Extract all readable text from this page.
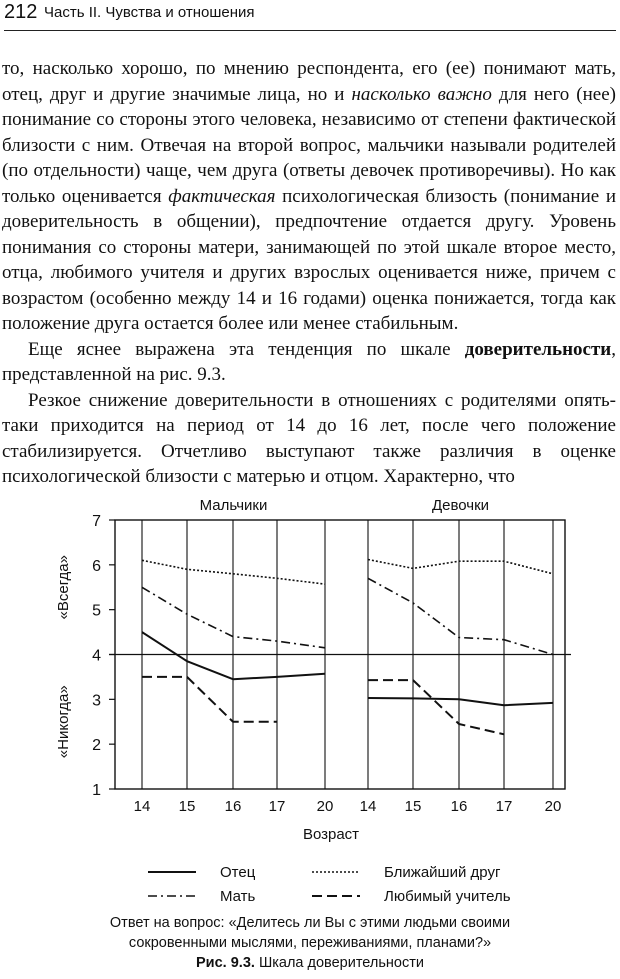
212 Часть II. Чувства и отношения

то, насколько хорошо, по мнению респондента, его (ее) понимают мать, отец, друг и другие значимые лица, но и насколько важно для него (нее) понимание со стороны этого человека, независимо от степени фактической близости с ним. Отвечая на второй вопрос, мальчики называли родителей (по отдельности) чаще, чем друга (ответы девочек противоречивы). Но как только оценивается фактическая психологическая близость (понимание и доверительность в общении), предпочтение отдается другу. Уровень понимания со стороны матери, занимающей по этой шкале второе место, отца, любимого учителя и других взрослых оценивается ниже, причем с возрастом (особенно между 14 и 16 годами) оценка понижается, тогда как положение друга остается более или менее стабильным.

Еще яснее выражена эта тенденция по шкале доверительности, представленной на рис. 9.3.

Резкое снижение доверительности в отношениях с родителями опять-таки приходится на период от 14 до 16 лет, после чего положение стабилизируется. Отчетливо выступают также различия в оценке психологической близости с матерью и отцом. Характерно, что

1
2
3
4
5
6
7
«Всегда»
«Никогда»
Мальчики	Девочки
14 15 16 17 20 14 15 16 17 20
Возраст
Отец	Ближайший друг
Мать	Любимый учитель
Ответ на вопрос: «Делитесь ли Вы с этими людьми своими
сокровенными мыслями, переживаниями, планами?»
Рис. 9.3. Шкала доверительности
